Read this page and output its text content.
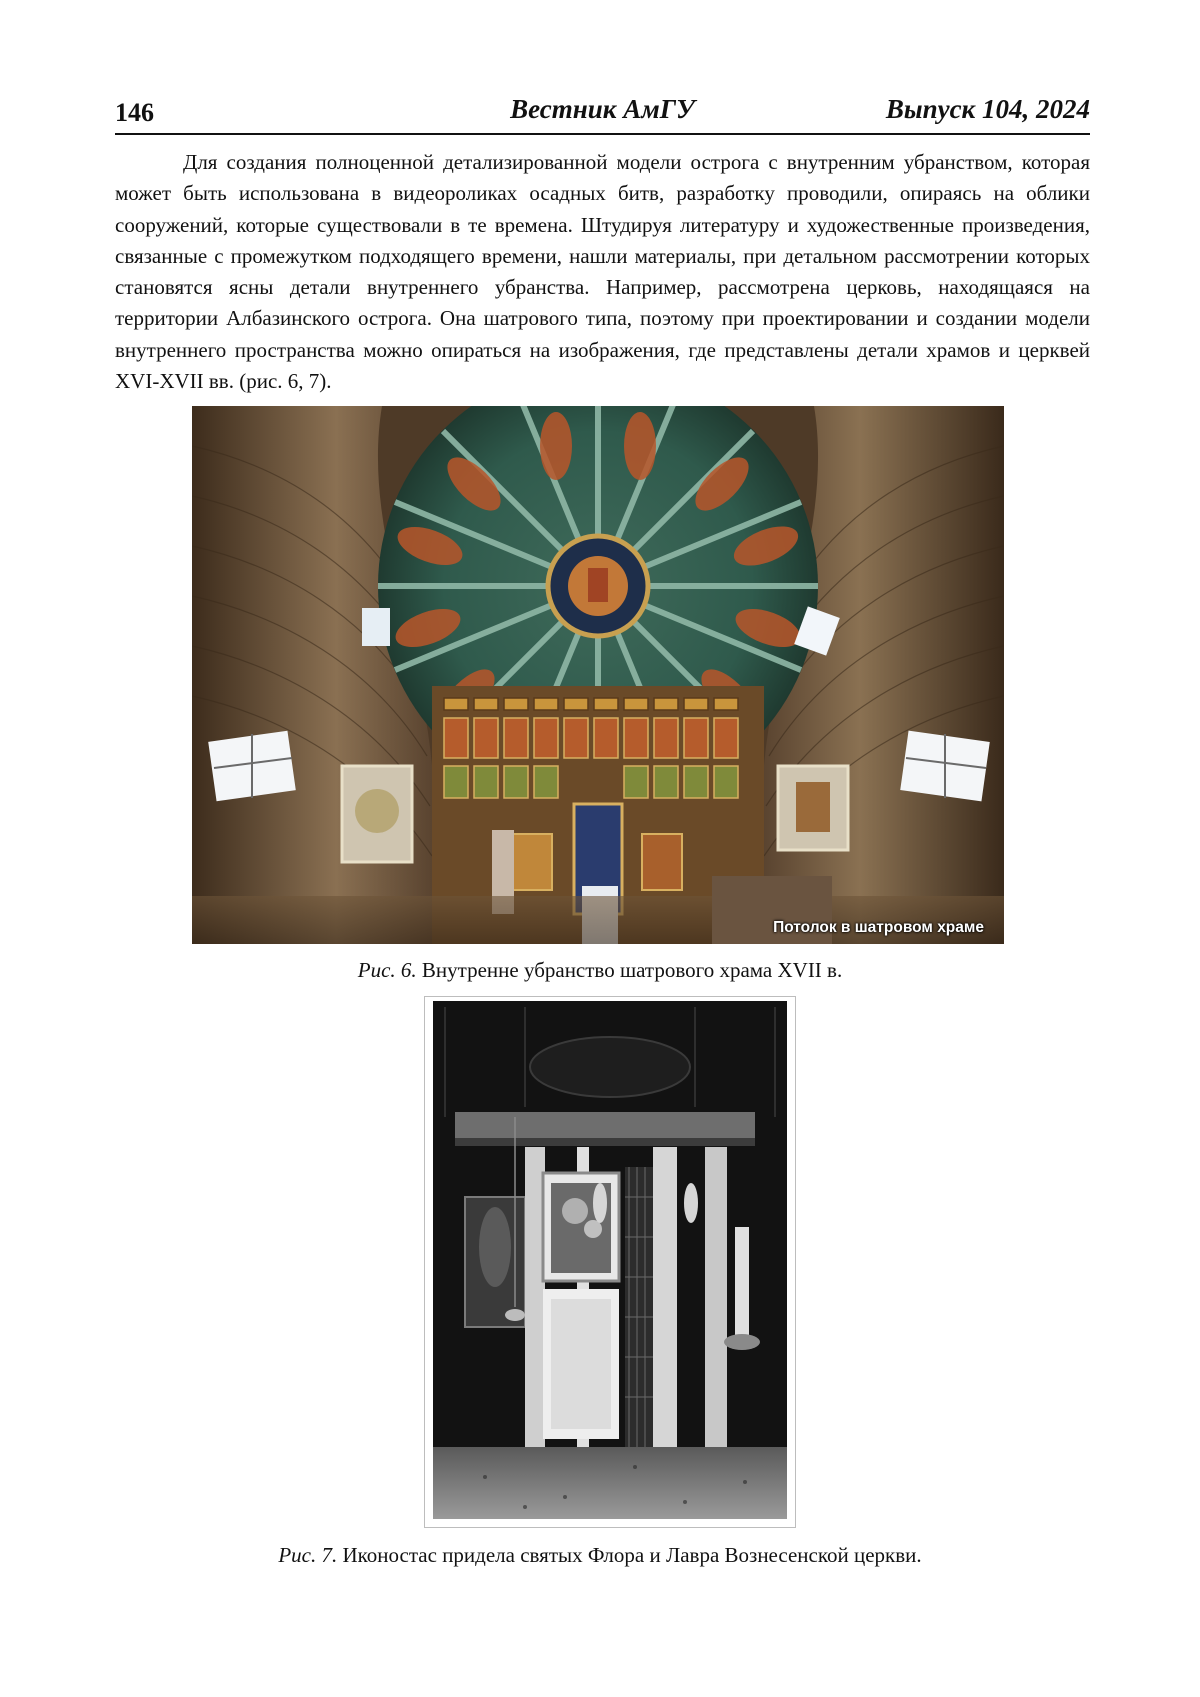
146	Вестник АмГУ	Выпуск 104, 2024

Для создания полноценной детализированной модели острога с внутренним убранством, которая может быть использована в видеороликах осадных битв, разработку проводили, опираясь на облики сооружений, которые существовали в те времена. Штудируя литературу и художественные произведения, связанные с промежутком подходящего времени, нашли материалы, при детальном рассмотрении которых становятся ясны детали внутреннего убранства. Например, рассмотрена церковь, находящаяся на территории Албазинского острога. Она шатрового типа, поэтому при проектировании и создании модели внутреннего пространства можно опираться на изображения, где представлены детали храмов и церквей XVI-XVII вв. (рис. 6, 7).

Потолок в шатровом храме
Рис. 6. Внутренне убранство шатрового храма XVII в.
Рис. 7. Иконостас придела святых Флора и Лавра Вознесенской церкви.
